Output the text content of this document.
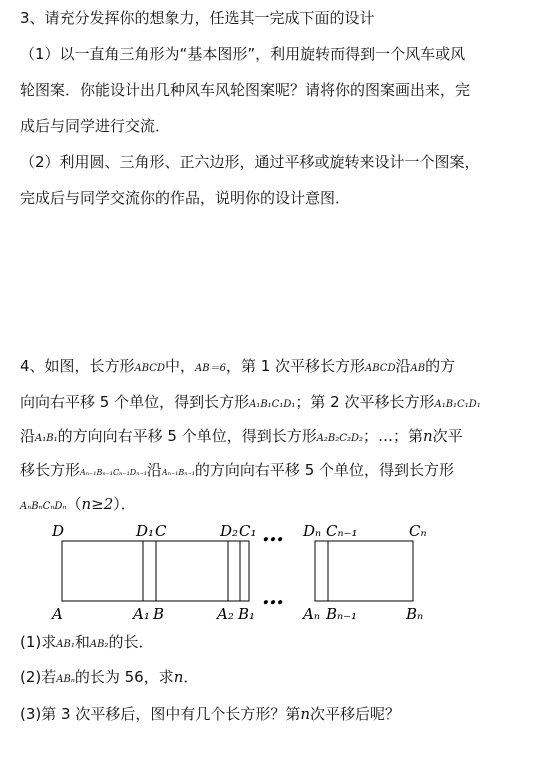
3、请充分发挥你的想象力，任选其一完成下面的设计
（1）以一直角三角形为“基本图形”，利用旋转而得到一个风车或风
轮图案．你能设计出几种风车风轮图案呢？请将你的图案画出来，完
成后与同学进行交流．
（2）利用圆、三角形、正六边形，通过平移或旋转来设计一个图案，
完成后与同学交流你的作品，说明你的设计意图．
4、如图，长方形ABCD中，AB＝6，第 1 次平移长方形ABCD沿AB的方
向向右平移 5 个单位，得到长方形A₁B₁C₁D₁；第 2 次平移长方形A₁B₁C₁D₁
沿A₁B₁的方向向右平移 5 个单位，得到长方形A₂B₂C₂D₂；…；第n次平
移长方形Aₙ₋₁Bₙ₋₁Cₙ₋₁Dₙ₋₁沿Aₙ₋₁Bₙ₋₁的方向向右平移 5 个单位，得到长方形
AₙBₙCₙDₙ（n≥2）．
…
…
D	D₁ C	D₂ C₁	Dₙ Cₙ₋₁	Cₙ
A	A₁ B	A₂ B₁	Aₙ Bₙ₋₁	Bₙ
(1)求AB₁和AB₂的长．
(2)若ABₙ的长为 56，求n．
(3)第 3 次平移后，图中有几个长方形？第n次平移后呢？
